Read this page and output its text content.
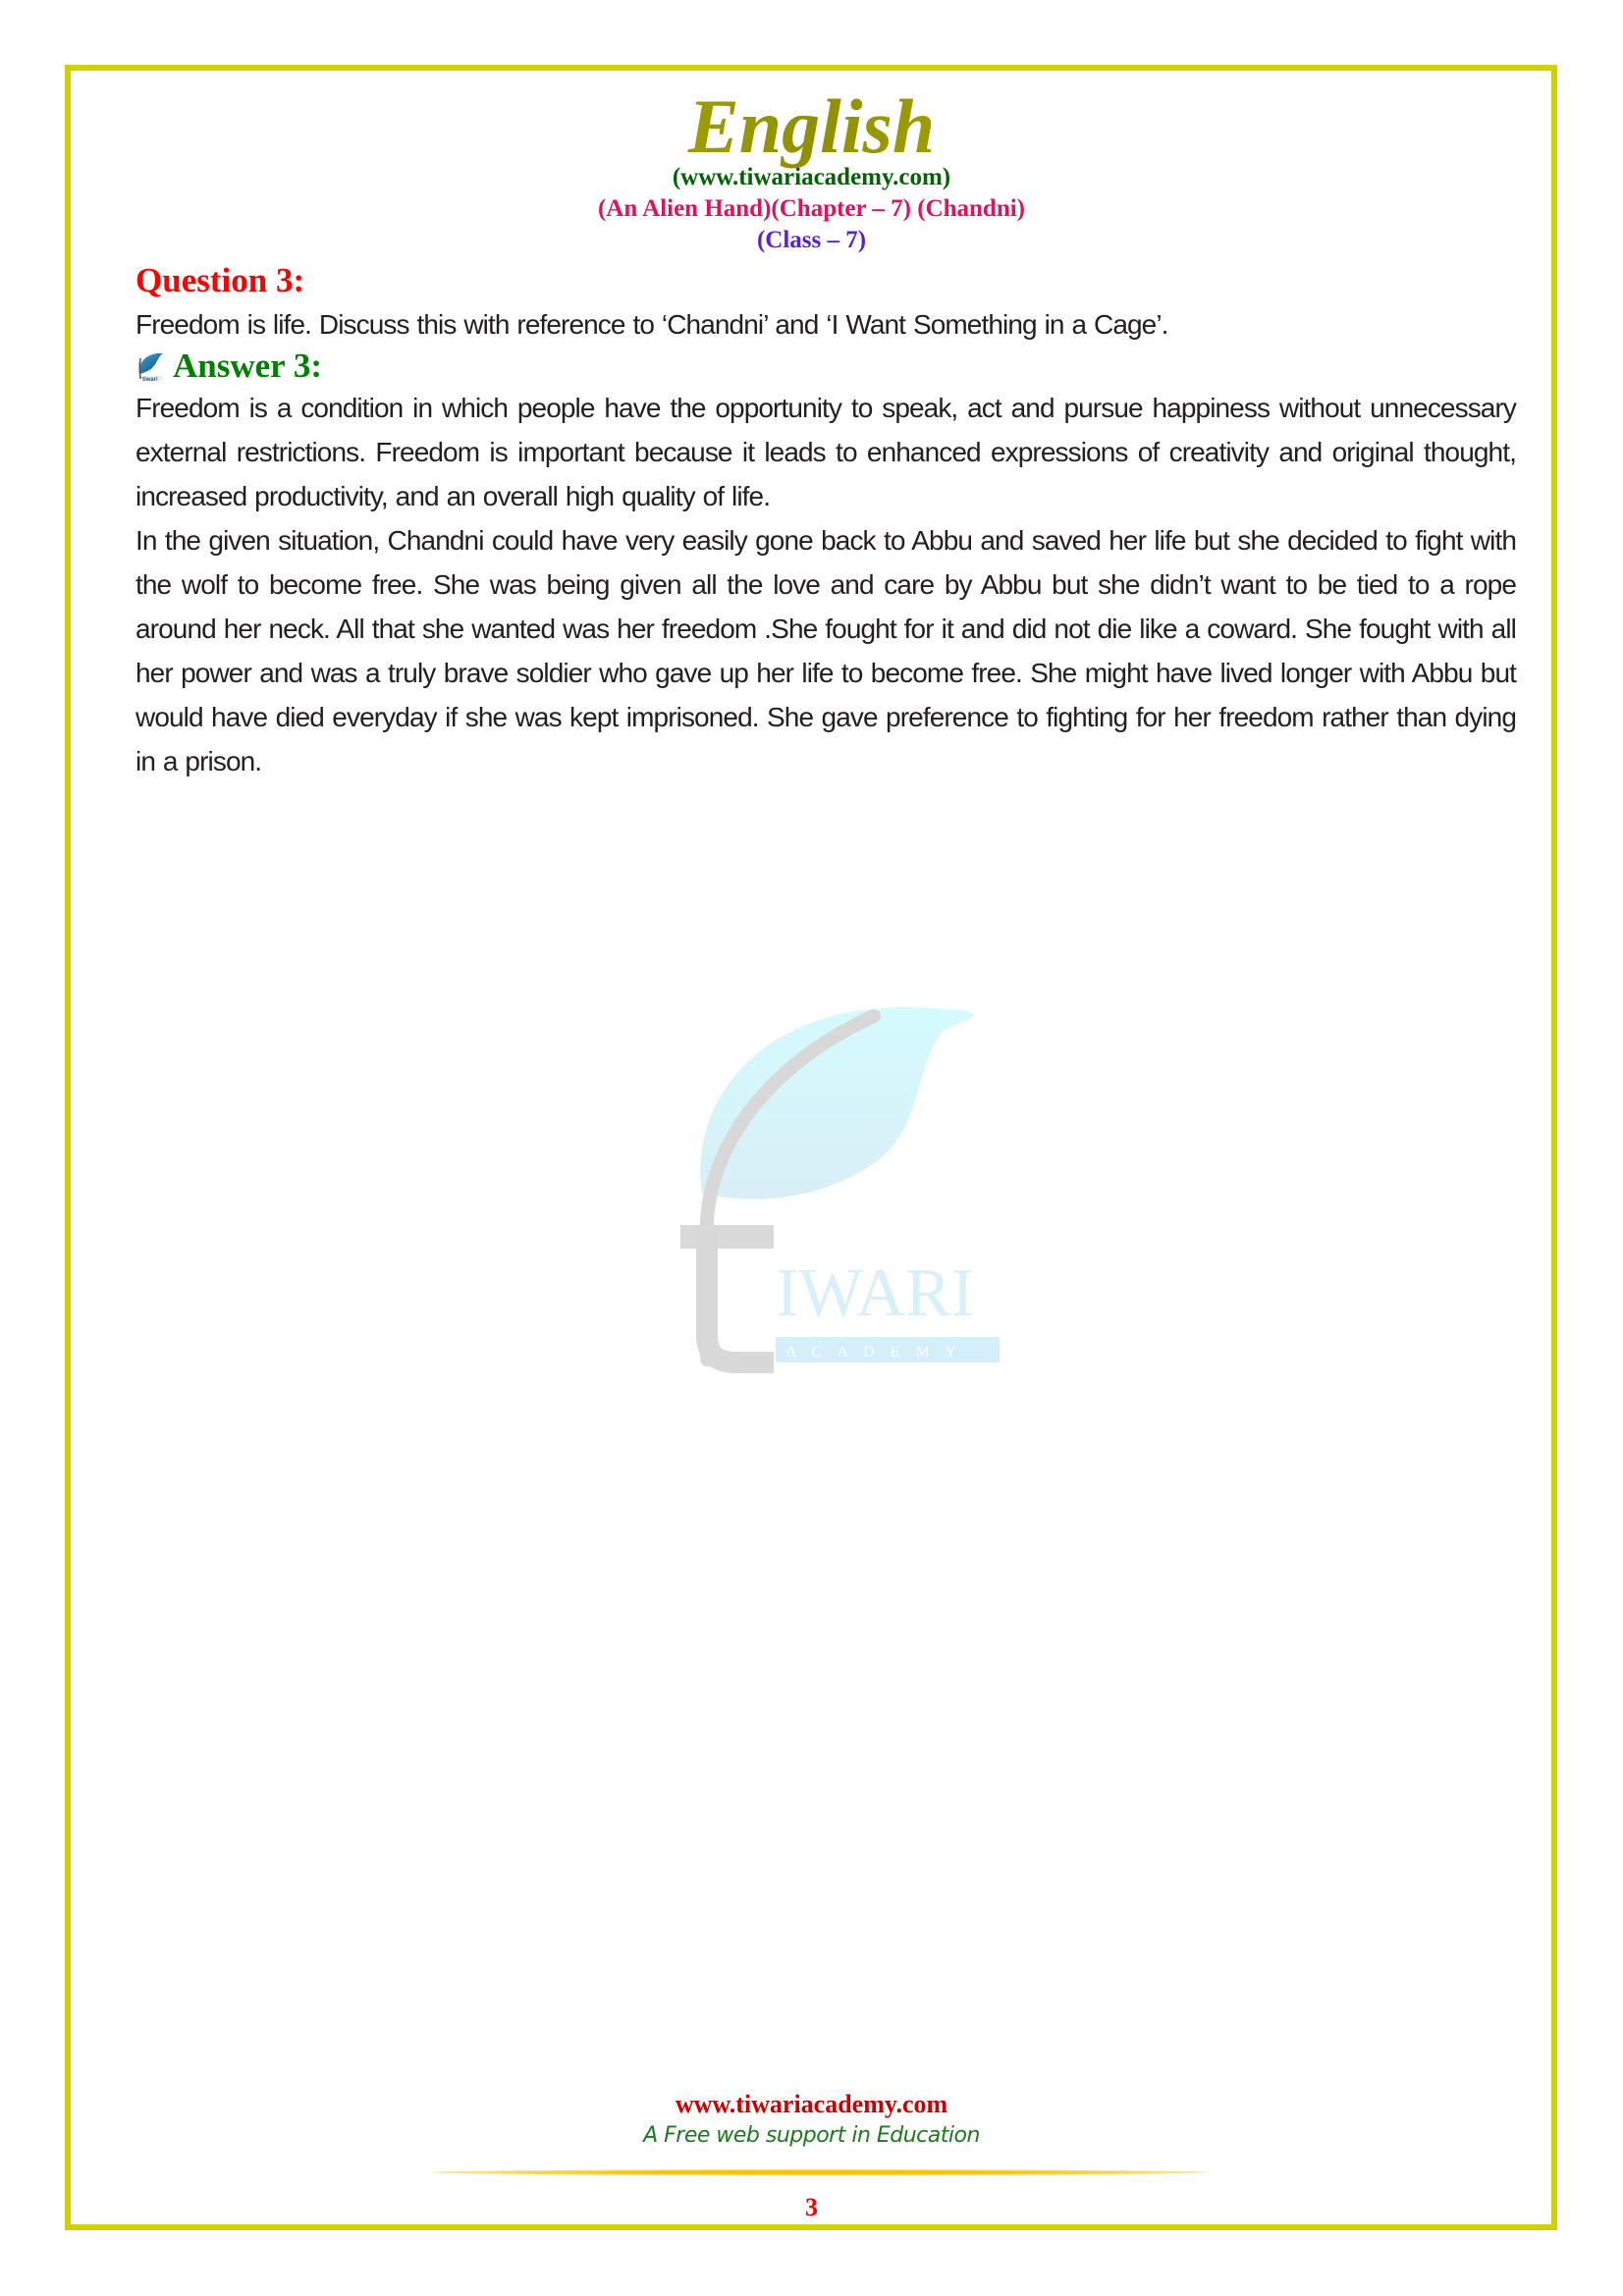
English
(www.tiwariacademy.com)
(An Alien Hand)(Chapter – 7) (Chandni)
(Class – 7)
Question 3:

Freedom is life. Discuss this with reference to ‘Chandni’ and ‘I Want Something in a Cage’.

tiwari Answer 3:

Freedom is a condition in which people have the opportunity to speak, act and pursue happiness without unnecessary external restrictions. Freedom is important because it leads to enhanced expressions of creativity and original thought, increased productivity, and an overall high quality of life.

In the given situation, Chandni could have very easily gone back to Abbu and saved her life but she decided to fight with the wolf to become free. She was being given all the love and care by Abbu but she didn’t want to be tied to a rope around her neck. All that she wanted was her freedom .She fought for it and did not die like a coward. She fought with all her power and was a truly brave soldier who gave up her life to become free. She might have lived longer with Abbu but would have died everyday if she was kept imprisoned. She gave preference to fighting for her freedom rather than dying in a prison.

IWARI
A C A D E M Y
www.tiwariacademy.com
A Free web support in Education
3
